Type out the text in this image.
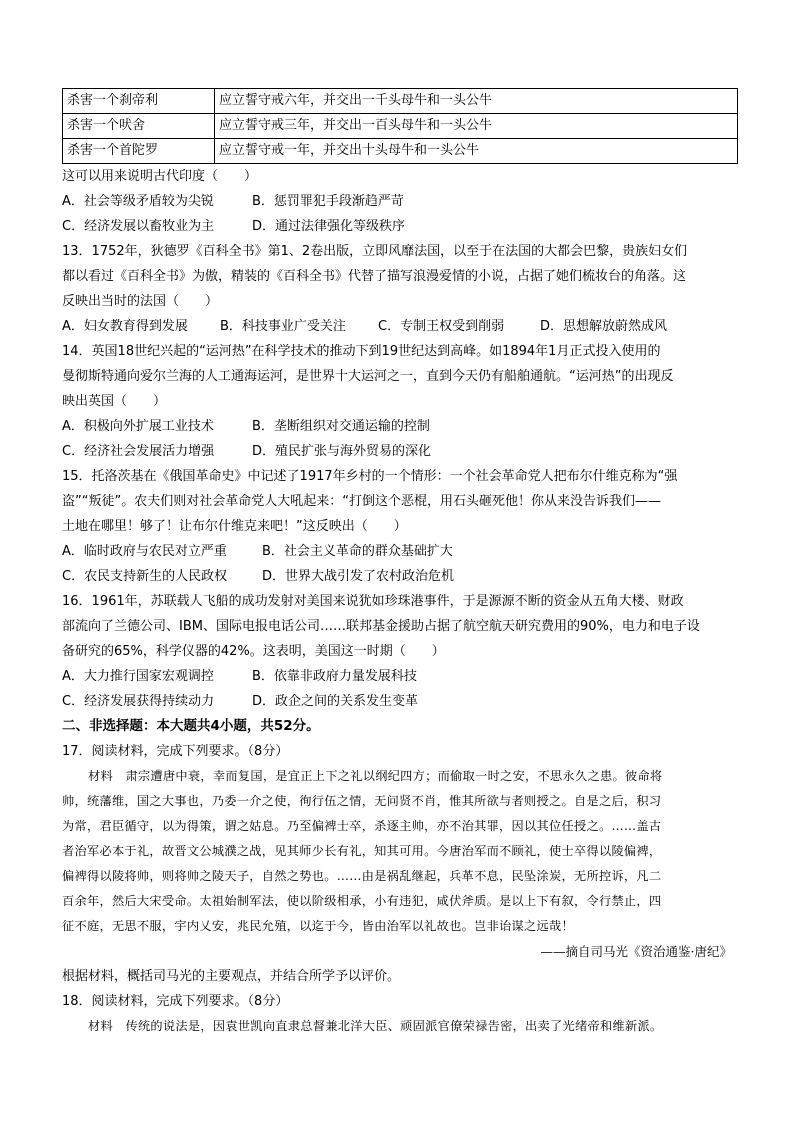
杀害一个刹帝利	应立誓守戒六年，并交出一千头母牛和一头公牛
杀害一个吠舍	应立誓守戒三年，并交出一百头母牛和一头公牛
杀害一个首陀罗	应立誓守戒一年，并交出十头母牛和一头公牛
这可以用来说明古代印度（　　）
A．社会等级矛盾较为尖锐	B．惩罚罪犯手段渐趋严苛
C．经济发展以畜牧业为主	D．通过法律强化等级秩序
13．1752年，狄德罗《百科全书》第1、2卷出版，立即风靡法国，以至于在法国的大都会巴黎，贵族妇女们
都以看过《百科全书》为傲，精装的《百科全书》代替了描写浪漫爱情的小说，占据了她们梳妆台的角落。这
反映出当时的法国（　　）
A．妇女教育得到发展 B．科技事业广受关注 C．专制王权受到削弱	D．思想解放蔚然成风
14．英国18世纪兴起的“运河热”在科学技术的推动下到19世纪达到高峰。如1894年1月正式投入使用的
曼彻斯特通向爱尔兰海的人工通海运河，是世界十大运河之一，直到今天仍有船舶通航。“运河热”的出现反
映出英国（　　）
A．积极向外扩展工业技术	B．垄断组织对交通运输的控制
C．经济社会发展活力增强	D．殖民扩张与海外贸易的深化
15．托洛茨基在《俄国革命史》中记述了1917年乡村的一个情形：一个社会革命党人把布尔什维克称为“强
盗”“叛徒”。农夫们则对社会革命党人大吼起来：“打倒这个恶棍，用石头砸死他！你从来没告诉我们——
土地在哪里！够了！让布尔什维克来吧！”这反映出（　　）
A．临时政府与农民对立严重	B．社会主义革命的群众基础扩大
C．农民支持新生的人民政权	D．世界大战引发了农村政治危机
16．1961年，苏联载人飞船的成功发射对美国来说犹如珍珠港事件，于是源源不断的资金从五角大楼、财政
部流向了兰德公司、IBM、国际电报电话公司……联邦基金援助占据了航空航天研究费用的90%，电力和电子设
备研究的65%，科学仪器的42%。这表明，美国这一时期（　　）
A．大力推行国家宏观调控	B．依靠非政府力量发展科技
C．经济发展获得持续动力	D．政企之间的关系发生变革
二、非选择题：本大题共4小题，共52分。
17．阅读材料，完成下列要求。（8分）
材料　肃宗遭唐中衰，幸而复国，是宜正上下之礼以纲纪四方；而偷取一时之安，不思永久之患。彼命将
帅，统藩维，国之大事也，乃委一介之使，徇行伍之情，无问贤不肖，惟其所欲与者则授之。自是之后，积习
为常，君臣循守，以为得策，谓之姑息。乃至偏裨士卒，杀逐主帅，亦不治其罪，因以其位任授之。……盖古
者治军必本于礼，故晋文公城濮之战，见其师少长有礼，知其可用。今唐治军而不顾礼，使士卒得以陵偏裨，
偏裨得以陵将帅，则将帅之陵天子，自然之势也。……由是祸乱继起，兵革不息，民坠涂炭，无所控诉，凡二
百余年，然后大宋受命。太祖始制军法，使以阶级相承，小有违犯，咸伏斧质。是以上下有叙，令行禁止，四
征不庭，无思不服，宇内乂安，兆民允殖，以迄于今，皆由治军以礼故也。岂非诒谋之远哉！
——摘自司马光《资治通鉴·唐纪》
根据材料，概括司马光的主要观点，并结合所学予以评价。
18．阅读材料，完成下列要求。（8分）
材料　传统的说法是，因袁世凯向直隶总督兼北洋大臣、顽固派官僚荣禄告密，出卖了光绪帝和维新派。
